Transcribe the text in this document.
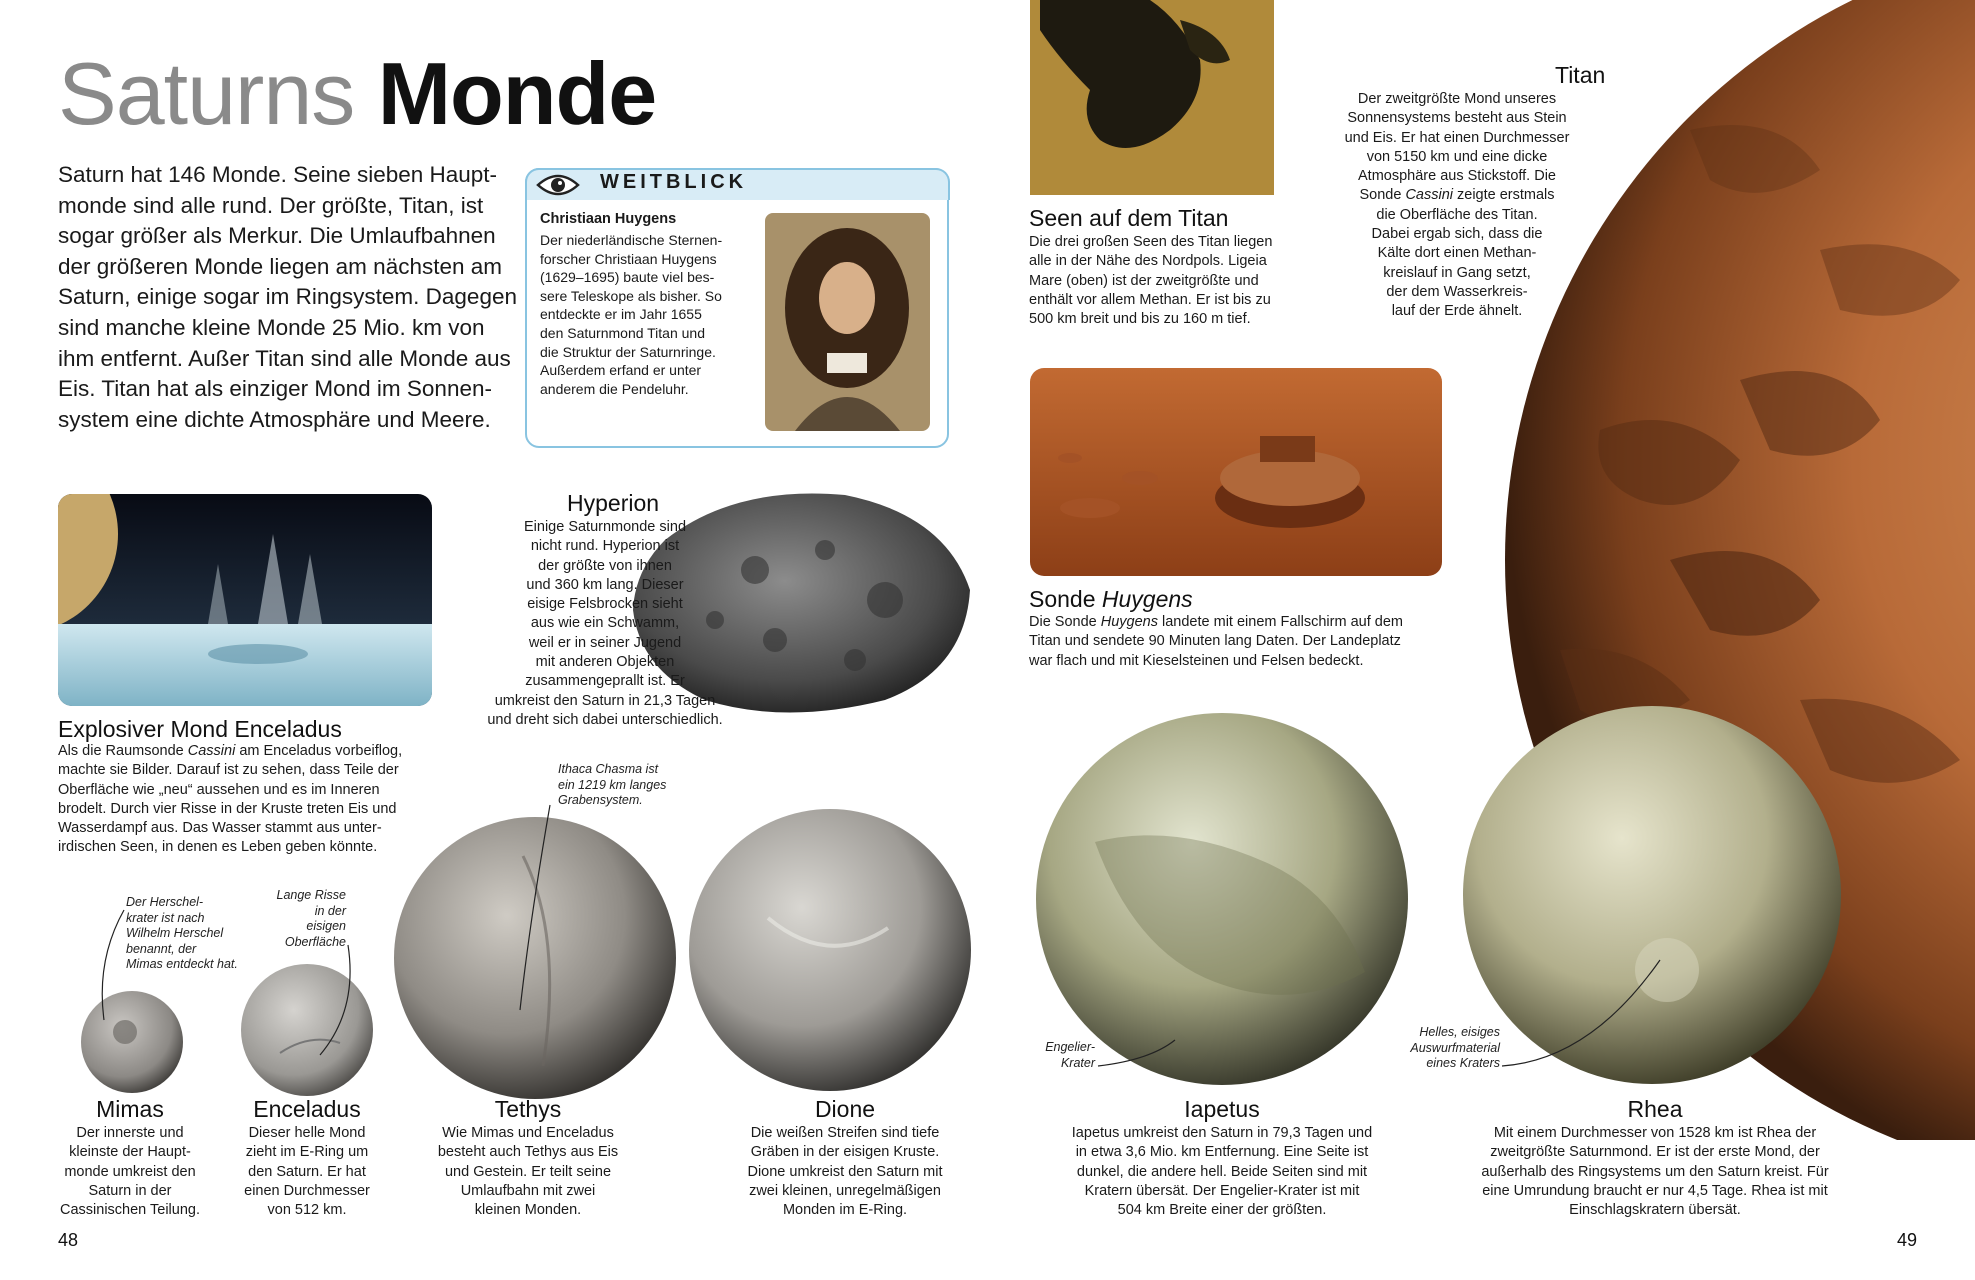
Saturns Monde
Saturn hat 146 Monde. Seine sieben Haupt-
monde sind alle rund. Der größte, Titan, ist
sogar größer als Merkur. Die Umlaufbahnen
der größeren Monde liegen am nächsten am
Saturn, einige sogar im Ringsystem. Dagegen
sind manche kleine Monde 25 Mio. km von
ihm entfernt. Außer Titan sind alle Monde aus
Eis. Titan hat als einziger Mond im Sonnen-
system eine dichte Atmosphäre und Meere.
WEITBLICK
Christiaan Huygens
Der niederländische Sternen-
forscher Christiaan Huygens
(1629–1695) baute viel bes-
sere Teleskope als bisher. So
entdeckte er im Jahr 1655
den Saturnmond Titan und
die Struktur der Saturnringe.
Außerdem erfand er unter
anderem die Pendeluhr.
Explosiver Mond Enceladus
Als die Raumsonde Cassini am Enceladus vorbeiflog,
machte sie Bilder. Darauf ist zu sehen, dass Teile der
Oberfläche wie „neu“ aussehen und es im Inneren
brodelt. Durch vier Risse in der Kruste treten Eis und
Wasserdampf aus. Das Wasser stammt aus unter-
irdischen Seen, in denen es Leben geben könnte.
Hyperion
Einige Saturnmonde sind
nicht rund. Hyperion ist
der größte von ihnen
und 360 km lang. Dieser
eisige Felsbrocken sieht
aus wie ein Schwamm,
weil er in seiner Jugend
mit anderen Objekten
zusammengeprallt ist. Er
umkreist den Saturn in 21,3 Tagen
und dreht sich dabei unterschiedlich.
Seen auf dem Titan
Die drei großen Seen des Titan liegen
alle in der Nähe des Nordpols. Ligeia
Mare (oben) ist der zweitgrößte und
enthält vor allem Methan. Er ist bis zu
500 km breit und bis zu 160 m tief.
Sonde Huygens
Die Sonde Huygens landete mit einem Fallschirm auf dem
Titan und sendete 90 Minuten lang Daten. Der Landeplatz
war flach und mit Kieselsteinen und Felsen bedeckt.
Titan
Der zweitgrößte Mond unseres
Sonnensystems besteht aus Stein
und Eis. Er hat einen Durchmesser
von 5150 km und eine dicke
Atmosphäre aus Stickstoff. Die
Sonde Cassini zeigte erstmals
die Oberfläche des Titan.
Dabei ergab sich, dass die
Kälte dort einen Methan-
kreislauf in Gang setzt,
der dem Wasserkreis-
lauf der Erde ähnelt.
Der Herschel-
krater ist nach
Wilhelm Herschel
benannt, der
Mimas entdeckt hat.
Lange Risse
in der
eisigen
Oberfläche
Ithaca Chasma ist
ein 1219 km langes
Grabensystem.
Engelier-
Krater
Helles, eisiges
Auswurfmaterial
eines Kraters
Mimas
Der innerste und
kleinste der Haupt-
monde umkreist den
Saturn in der
Cassinischen Teilung.
Enceladus
Dieser helle Mond
zieht im E-Ring um
den Saturn. Er hat
einen Durchmesser
von 512 km.
Tethys
Wie Mimas und Enceladus
besteht auch Tethys aus Eis
und Gestein. Er teilt seine
Umlaufbahn mit zwei
kleinen Monden.
Dione
Die weißen Streifen sind tiefe
Gräben in der eisigen Kruste.
Dione umkreist den Saturn mit
zwei kleinen, unregelmäßigen
Monden im E-Ring.
Iapetus
Iapetus umkreist den Saturn in 79,3 Tagen und
in etwa 3,6 Mio. km Entfernung. Eine Seite ist
dunkel, die andere hell. Beide Seiten sind mit
Kratern übersät. Der Engelier-Krater ist mit
504 km Breite einer der größten.
Rhea
Mit einem Durchmesser von 1528 km ist Rhea der
zweitgrößte Saturnmond. Er ist der erste Mond, der
außerhalb des Ringsystems um den Saturn kreist. Für
eine Umrundung braucht er nur 4,5 Tage. Rhea ist mit
Einschlagskratern übersät.
48	49
